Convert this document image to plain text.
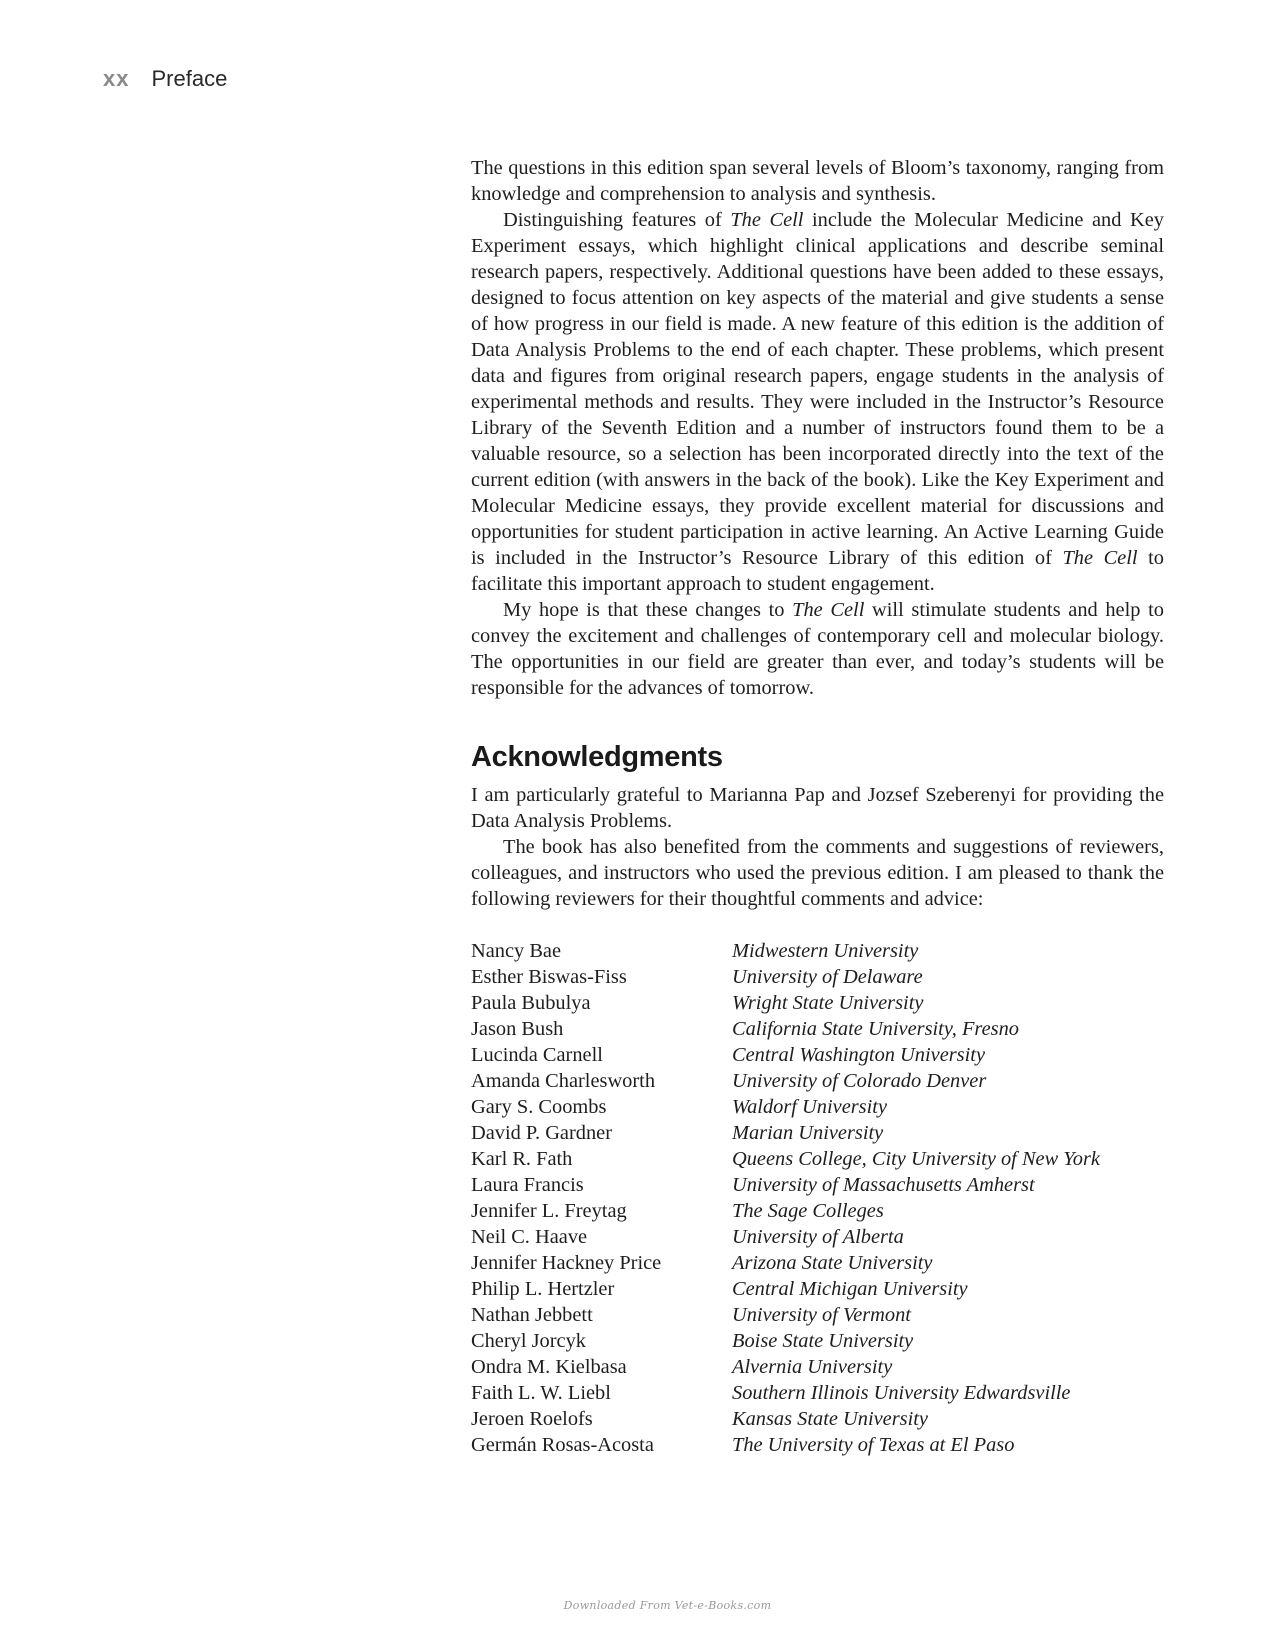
xx Preface

The questions in this edition span several levels of Bloom’s taxonomy, ranging from knowledge and comprehension to analysis and synthesis.

Distinguishing features of The Cell include the Molecular Medicine and Key Experiment essays, which highlight clinical applications and describe seminal research papers, respectively. Additional questions have been added to these essays, designed to focus attention on key aspects of the material and give students a sense of how progress in our field is made. A new feature of this edition is the addition of Data Analysis Problems to the end of each chapter. These problems, which present data and figures from original research papers, engage students in the analysis of experimental methods and results. They were included in the Instructor’s Resource Library of the Seventh Edition and a number of instructors found them to be a valuable resource, so a selection has been incorporated directly into the text of the current edition (with answers in the back of the book). Like the Key Experiment and Molecular Medicine essays, they provide excellent material for discussions and opportunities for student participation in active learning. An Active Learning Guide is included in the Instructor’s Resource Library of this edition of The Cell to facilitate this important approach to student engagement.

My hope is that these changes to The Cell will stimulate students and help to convey the excitement and challenges of contemporary cell and molecular biology. The opportunities in our field are greater than ever, and today’s students will be responsible for the advances of tomorrow.

Acknowledgments

I am particularly grateful to Marianna Pap and Jozsef Szeberenyi for providing the Data Analysis Problems.

The book has also benefited from the comments and suggestions of reviewers, colleagues, and instructors who used the previous edition. I am pleased to thank the following reviewers for their thoughtful comments and advice:

Nancy Bae	Midwestern University
Esther Biswas-Fiss	University of Delaware
Paula Bubulya	Wright State University
Jason Bush	California State University, Fresno
Lucinda Carnell	Central Washington University
Amanda Charlesworth	University of Colorado Denver
Gary S. Coombs	Waldorf University
David P. Gardner	Marian University
Karl R. Fath	Queens College, City University of New York
Laura Francis	University of Massachusetts Amherst
Jennifer L. Freytag	The Sage Colleges
Neil C. Haave	University of Alberta
Jennifer Hackney Price	Arizona State University
Philip L. Hertzler	Central Michigan University
Nathan Jebbett	University of Vermont
Cheryl Jorcyk	Boise State University
Ondra M. Kielbasa	Alvernia University
Faith L. W. Liebl	Southern Illinois University Edwardsville
Jeroen Roelofs	Kansas State University
Germán Rosas-Acosta	The University of Texas at El Paso
Downloaded From Vet-e-Books.com
